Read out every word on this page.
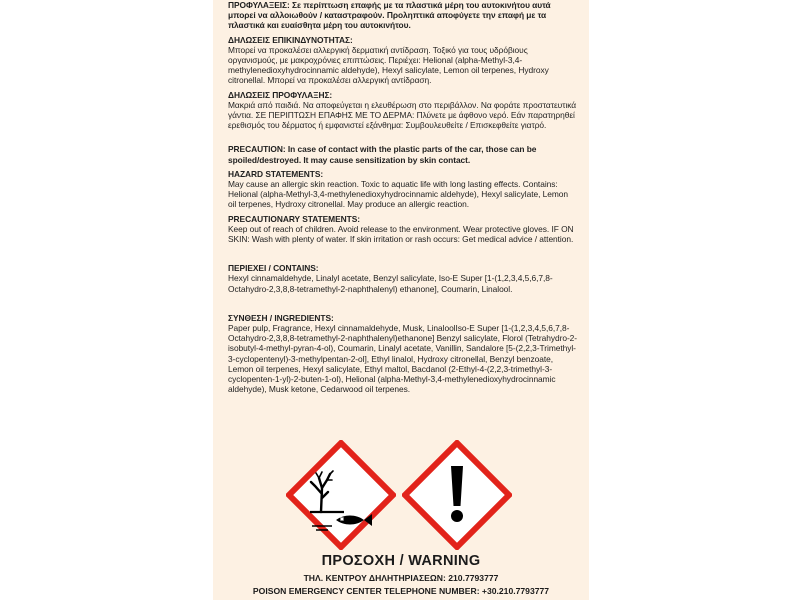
ΠΡΟΦΥΛΑΞΕΙΣ: Σε περίπτωση επαφής με τα πλαστικά μέρη του αυτοκινήτου αυτά μπορεί να αλλοιωθούν / καταστραφούν. Προληπτικά αποφύγετε την επαφή με τα πλαστικά και ευαίσθητα μέρη του αυτοκινήτου.

ΔΗΛΩΣΕΙΣ ΕΠΙΚΙΝΔΥΝΟΤΗΤΑΣ:

Μπορεί να προκαλέσει αλλεργική δερματική αντίδραση. Τοξικό για τους υδρόβιους οργανισμούς, με μακροχρόνιες επιπτώσεις. Περιέχει: Helional (alpha-Methyl-3,4-methylenedioxyhydrocinnamic aldehyde), Hexyl salicylate, Lemon oil terpenes, Hydroxy citronellal. Μπορεί να προκαλέσει αλλεργική αντίδραση.

ΔΗΛΩΣΕΙΣ ΠΡΟΦΥΛΑΞΗΣ:

Μακριά από παιδιά. Να αποφεύγεται η ελευθέρωση στο περιβάλλον. Να φοράτε προστατευτικά γάντια. ΣΕ ΠΕΡΙΠΤΩΣΗ ΕΠΑΦΗΣ ΜΕ ΤΟ ΔΕΡΜΑ: Πλύνετε με άφθονο νερό. Εάν παρατηρηθεί ερεθισμός του δέρματος ή εμφανιστεί εξάνθημα: Συμβουλευθείτε / Επισκεφθείτε γιατρό.

PRECAUTION: In case of contact with the plastic parts of the car, those can be spoiled/destroyed. It may cause sensitization by skin contact.

HAZARD STATEMENTS:

May cause an allergic skin reaction. Toxic to aquatic life with long lasting effects. Contains: Helional (alpha-Methyl-3,4-methylenedioxyhydrocinnamic aldehyde), Hexyl salicylate, Lemon oil terpenes, Hydroxy citronellal. May produce an allergic reaction.

PRECAUTIONARY STATEMENTS:

Keep out of reach of children. Avoid release to the environment. Wear protective gloves. IF ON SKIN: Wash with plenty of water. If skin irritation or rash occurs: Get medical advice / attention.

ΠΕΡΙΕΧΕΙ / CONTAINS:

Hexyl cinnamaldehyde, Linalyl acetate, Benzyl salicylate, Iso-E Super [1-(1,2,3,4,5,6,7,8-Octahydro-2,3,8,8-tetramethyl-2-naphthalenyl) ethanone], Coumarin, Linalool.

ΣΥΝΘΕΣΗ / INGREDIENTS:

Paper pulp, Fragrance, Hexyl cinnamaldehyde, Musk, LinaloolIso-E Super [1-(1,2,3,4,5,6,7,8-Octahydro-2,3,8,8-tetramethyl-2-naphthalenyl)ethanone] Benzyl salicylate, Florol (Tetrahydro-2-isobutyl-4-methyl-pyran-4-ol), Coumarin, Linalyl acetate, Vanillin, Sandalore [5-(2,2,3-Trimethyl-3-cyclopentenyl)-3-methylpentan-2-ol], Ethyl linalol, Hydroxy citronellal, Benzyl benzoate, Lemon oil terpenes, Hexyl salicylate, Ethyl maltol, Bacdanol (2-Ethyl-4-(2,2,3-trimethyl-3-cyclopenten-1-yl)-2-buten-1-ol), Helional (alpha-Methyl-3,4-methylenedioxyhydrocinnamic aldehyde), Musk ketone, Cedarwood oil terpenes.

ΠΡΟΣΟΧΗ / WARNING
ΤΗΛ. ΚΕΝΤΡΟΥ ΔΗΛΗΤΗΡΙΑΣΕΩΝ: 210.7793777
POISON EMERGENCY CENTER TELEPHONE NUMBER: +30.210.7793777
